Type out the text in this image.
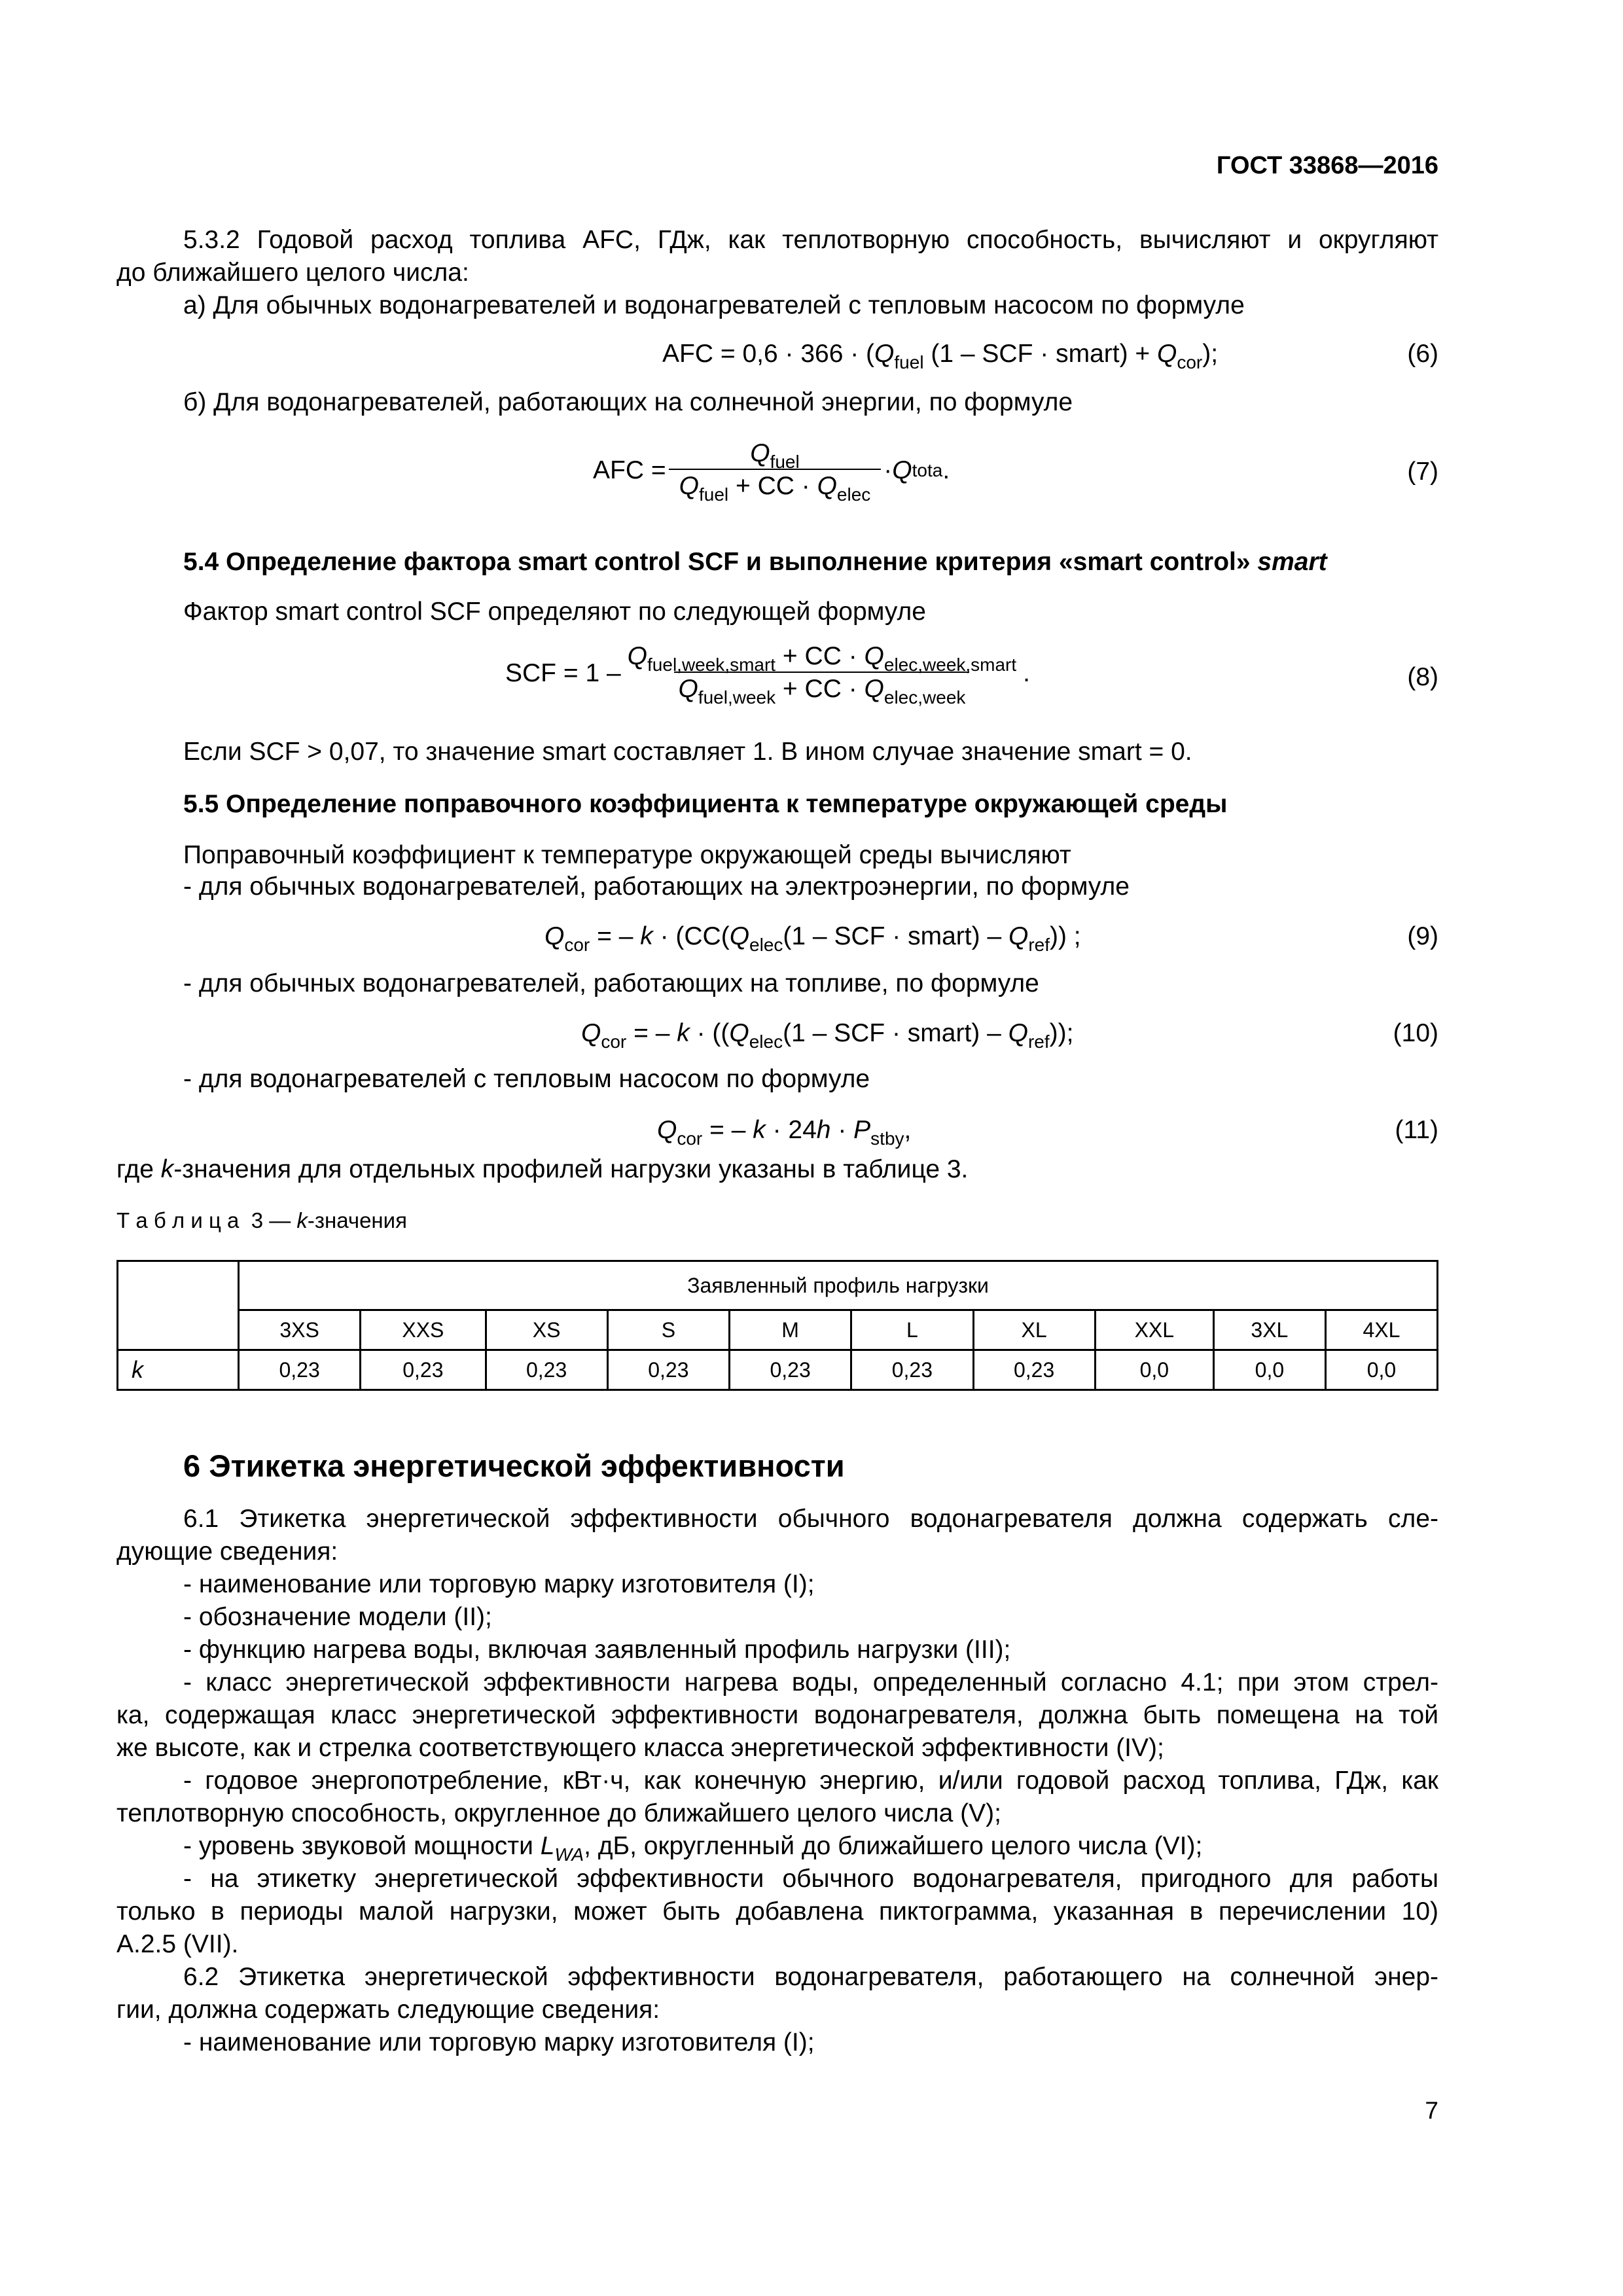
ГОСТ 33868—2016
5.3.2 Годовой расход топлива AFC, ГДж, как теплотворную способность, вычисляют и округляют
до ближайшего целого числа:
а) Для обычных водонагревателей и водонагревателей с тепловым насосом по формуле
AFC = $0,6 \cdot 366 \cdot (Q_{fuel}$ (1 – SCF · smart) + $Q_{cor}$);	(6)
б) Для водонагревателей, работающих на солнечной энергии, по формуле
AFC = $\frac{Q_{fuel}}{Q_{fuel} + CC \cdot Q_{elec}} \cdot Q$ tota .	(7)
5.4 Определение фактора smart control SCF и выполнение критерия «smart control» smart
Фактор smart control SCF определяют по следующей формуле
SCF = $1 - \frac{Q_{fuel,week,smart} + CC \cdot Q_{elec,week,smart}}{Q_{fuel,week} + CC \cdot Q_{elec,week}}$ .	(8)
Если SCF > 0,07, то значение smart составляет 1. В ином случае значение smart = 0.
5.5 Определение поправочного коэффициента к температуре окружающей среды
Поправочный коэффициент к температуре окружающей среды вычисляют
- для обычных водонагревателей, работающих на электроэнергии, по формуле
$Q_{cor}$ = – $k \cdot (CC(Q_{elec}(1$ – SCF · smart) – $Q_{ref}$)) ;	(9)
- для обычных водонагревателей, работающих на топливе, по формуле
$Q_{cor}$ = – $k \cdot ((Q_{elec}(1$ – SCF · smart) – $Q_{ref}$));	(10)
- для водонагревателей с тепловым насосом по формуле
$Q_{cor}$ = – $k \cdot 24h \cdot P_{stby}$,	(11)
где k-значения для отдельных профилей нагрузки указаны в таблице 3.
Т а б л и ц а  3 — k-значения
	Заявленный профиль нагрузки									
	3XS	XXS	XS	S	M	L	XL	XXL	3XL	4XL
k	0,23	0,23	0,23	0,23	0,23	0,23	0,23	0,0	0,0	0,0
6 Этикетка энергетической эффективности
6.1 Этикетка энергетической эффективности обычного водонагревателя должна содержать сле-
дующие сведения:
- наименование или торговую марку изготовителя (I);
- обозначение модели (II);
- функцию нагрева воды, включая заявленный профиль нагрузки (III);
- класс энергетической эффективности нагрева воды, определенный согласно 4.1; при этом стрел-
ка, содержащая класс энергетической эффективности водонагревателя, должна быть помещена на той
же высоте, как и стрелка соответствующего класса энергетической эффективности (IV);
- годовое энергопотребление, кВт·ч, как конечную энергию, и/или годовой расход топлива, ГДж, как
теплотворную способность, округленное до ближайшего целого числа (V);
- уровень звуковой мощности $L_{WA}$, дБ, округленный до ближайшего целого числа (VI);
- на этикетку энергетической эффективности обычного водонагревателя, пригодного для работы
только в периоды малой нагрузки, может быть добавлена пиктограмма, указанная в перечислении 10)
A.2.5 (VII).
6.2 Этикетка энергетической эффективности водонагревателя, работающего на солнечной энер-
гии, должна содержать следующие сведения:
- наименование или торговую марку изготовителя (I);
7
